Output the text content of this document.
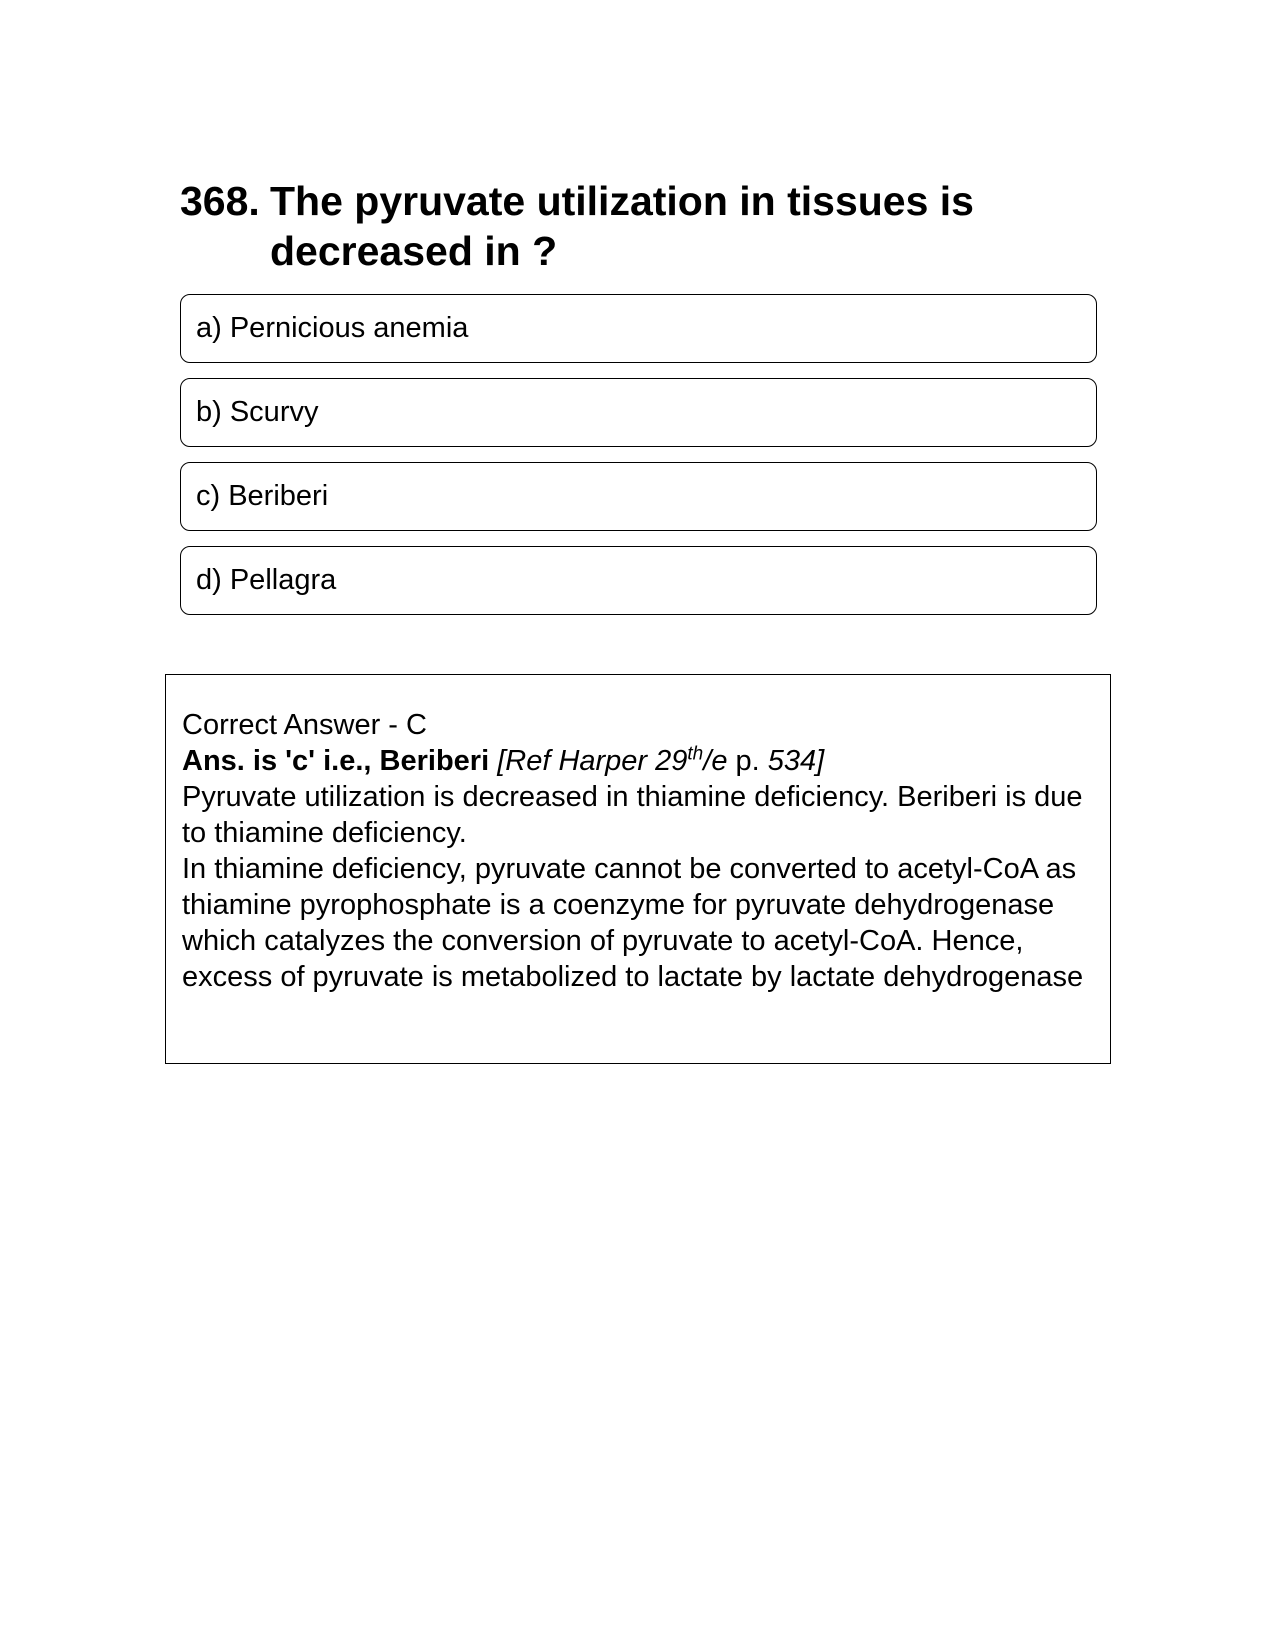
368. The pyruvate utilization in tissues is decreased in ?
a) Pernicious anemia
b) Scurvy
c) Beriberi
d) Pellagra

Correct Answer - C

Ans. is 'c' i.e., Beriberi [Ref Harper 29th/e p. 534]

Pyruvate utilization is decreased in thiamine deficiency. Beriberi is due to thiamine deficiency.

In thiamine deficiency, pyruvate cannot be converted to acetyl-CoA as thiamine pyrophosphate is a coenzyme for pyruvate dehydrogenase which catalyzes the conversion of pyruvate to acetyl-CoA. Hence, excess of pyruvate is metabolized to lactate by lactate dehydrogenase
